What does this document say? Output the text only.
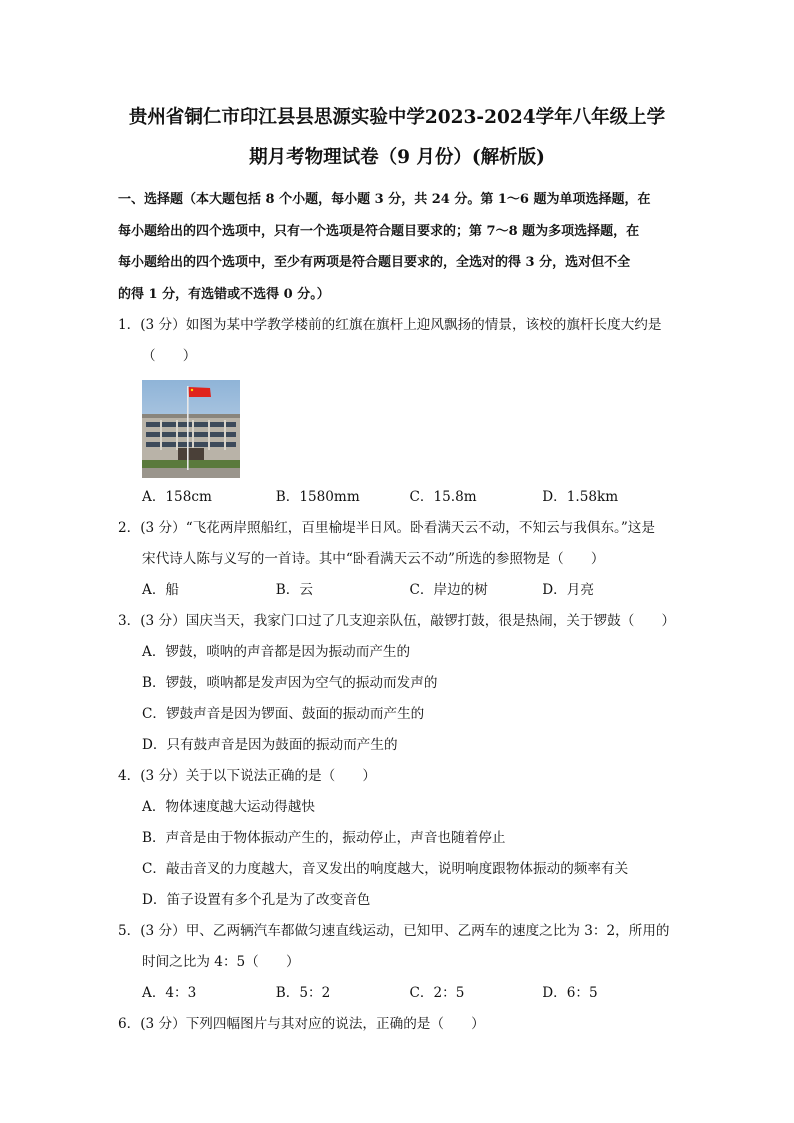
贵州省铜仁市印江县县思源实验中学2023-2024学年八年级上学
期月考物理试卷（9 月份）(解析版)
一、选择题（本大题包括 8 个小题，每小题 3 分，共 24 分。第 1～6 题为单项选择题，在
每小题给出的四个选项中，只有一个选项是符合题目要求的；第 7～8 题为多项选择题，在
每小题给出的四个选项中，至少有两项是符合题目要求的，全选对的得 3 分，选对但不全
的得 1 分，有选错或不选得 0 分。）
1．(3 分）如图为某中学教学楼前的红旗在旗杆上迎风飘扬的情景，该校的旗杆长度大约是
（　　）
A．158cm	B．1580mm	C．15.8m	D．1.58km
2．(3 分）“飞花两岸照船红，百里榆堤半日风。卧看满天云不动，不知云与我俱东。”这是
宋代诗人陈与义写的一首诗。其中“卧看满天云不动”所选的参照物是（　　）
A．船	B．云	C．岸边的树	D．月亮
3．(3 分）国庆当天，我家门口过了几支迎亲队伍，敲锣打鼓，很是热闹，关于锣鼓（　　）
A．锣鼓，唢呐的声音都是因为振动而产生的
B．锣鼓，唢呐都是发声因为空气的振动而发声的
C．锣鼓声音是因为锣面、鼓面的振动而产生的
D．只有鼓声音是因为鼓面的振动而产生的
4．(3 分）关于以下说法正确的是（　　）
A．物体速度越大运动得越快
B．声音是由于物体振动产生的，振动停止，声音也随着停止
C．敲击音叉的力度越大，音叉发出的响度越大，说明响度跟物体振动的频率有关
D．笛子设置有多个孔是为了改变音色
5．(3 分）甲、乙两辆汽车都做匀速直线运动，已知甲、乙两车的速度之比为 3：2，所用的
时间之比为 4：5（　　）
A．4：3	B．5：2	C．2：5	D．6：5
6．(3 分）下列四幅图片与其对应的说法，正确的是（　　）
